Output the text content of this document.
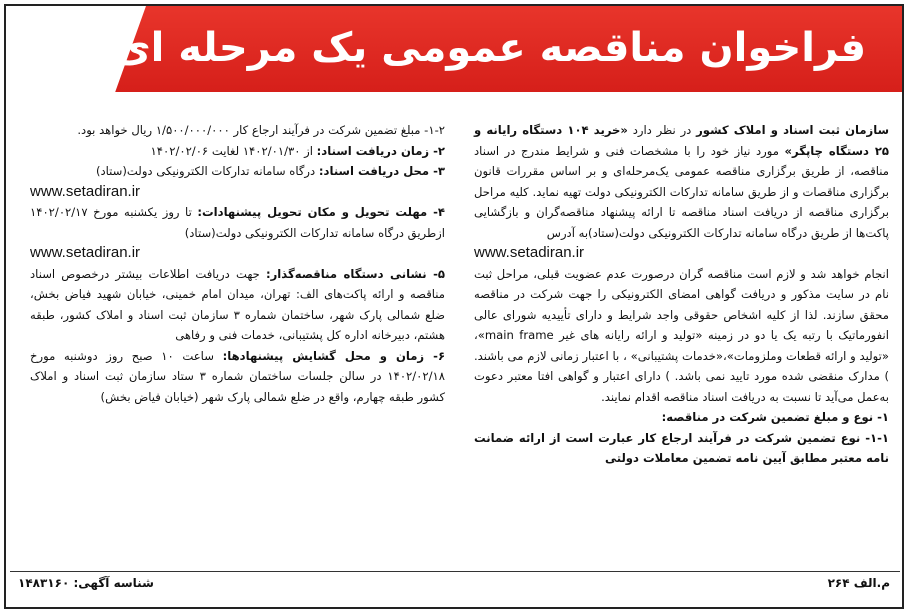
فراخوان مناقصه عمومی یک مرحله ای

سازمان ثبت اسناد و املاک کشور در نظر دارد «خرید ۱۰۴ دستگاه رایانه و ۲۵ دستگاه چاپگر» مورد نیاز خود را با مشخصات فنی و شرایط مندرج در اسناد مناقصه، از طریق برگزاری مناقصه عمومی یک‌مرحله‌ای و بر اساس مقررات قانون برگزاری مناقصات و از طریق سامانه تدارکات الکترونیکی دولت تهیه نماید. کلیه مراحل برگزاری مناقصه از دریافت اسناد مناقصه تا ارائه پیشنهاد مناقصه‌گران و بازگشایی پاکت‌ها از طریق درگاه سامانه تدارکات الکترونیکی دولت(ستاد)به آدرس

www.setadiran.ir

انجام خواهد شد و لازم است مناقصه گران درصورت عدم عضویت قبلی، مراحل ثبت نام در سایت مذکور و دریافت گواهی امضای الکترونیکی را جهت شرکت در مناقصه محقق سازند. لذا از کلیه اشخاص حقوقی واجد شرایط و دارای تأییدیه شورای عالی انفورماتیک با رتبه یک یا دو در زمینه «تولید و ارائه رایانه های غیر main frame»، «تولید و ارائه قطعات وملزومات»،«خدمات پشتیبانی» ، با اعتبار زمانی لازم می باشند. ) مدارک منقضی شده مورد تایید نمی باشد. ) دارای اعتبار و گواهی افتا معتبر دعوت به‌عمل می‌آید تا نسبت به دریافت اسناد مناقصه اقدام نمایند.

۱- نوع و مبلغ تضمین شرکت در مناقصه:

۱-۱- نوع تضمین شرکت در فرآیند ارجاع کار عبارت است از ارائه ضمانت نامه معتبر مطابق آیین نامه تضمین معاملات دولتی

۱-۲- مبلغ تضمین شرکت در فرآیند ارجاع کار ۱/۵۰۰/۰۰۰/۰۰۰ ریال خواهد بود.

۲- زمان دریافت اسناد: از ۱۴۰۲/۰۱/۳۰ لغایت ۱۴۰۲/۰۲/۰۶

۳- محل دریافت اسناد: درگاه سامانه تدارکات الکترونیکی دولت(ستاد)

www.setadiran.ir

۴- مهلت تحویل و مکان تحویل پیشنهادات: تا روز یکشنبه مورخ ۱۴۰۲/۰۲/۱۷ ازطریق درگاه سامانه تدارکات الکترونیکی دولت(ستاد)

www.setadiran.ir

۵- نشانی دستگاه مناقصه‌گذار: جهت دریافت اطلاعات بیشتر درخصوص اسناد مناقصه و ارائه پاکت‌های الف: تهران، میدان امام خمینی، خیابان شهید فیاض بخش، ضلع شمالی پارک شهر، ساختمان شماره ۳ سازمان ثبت اسناد و املاک کشور، طبقه هشتم، دبیرخانه اداره کل پشتیبانی، خدمات فنی و رفاهی

۶- زمان و محل گشایش پیشنهادها: ساعت ۱۰ صبح روز دوشنبه مورخ ۱۴۰۲/۰۲/۱۸ در سالن جلسات ساختمان شماره ۳ ستاد سازمان ثبت اسناد و املاک کشور طبقه چهارم، واقع در ضلع شمالی پارک شهر (خیابان فیاض بخش)

شناسه آگهی: ۱۴۸۳۱۶۰	م.الف ۲۶۴
